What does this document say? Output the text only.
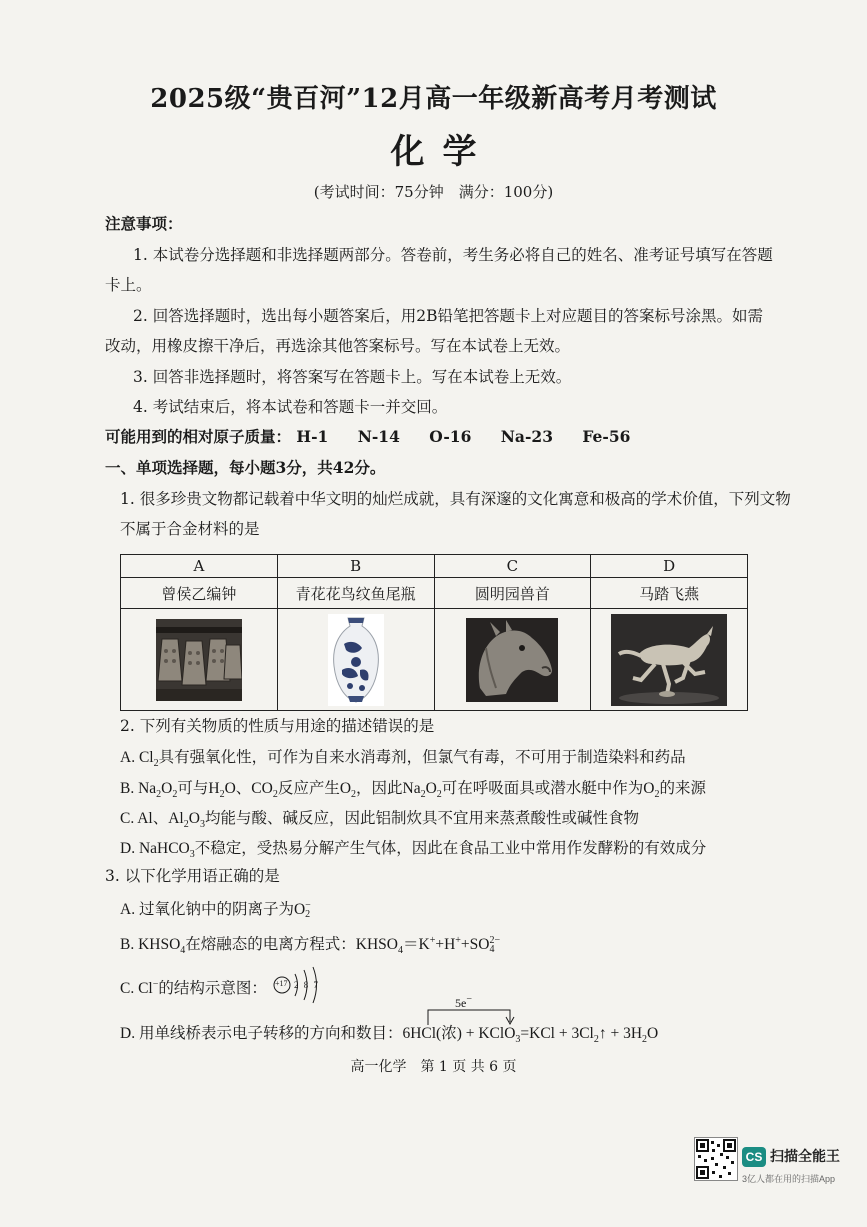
2025级“贵百河”12月高一年级新高考月考测试
化学
(考试时间：75分钟　满分：100分)
注意事项：
1. 本试卷分选择题和非选择题两部分。答卷前，考生务必将自己的姓名、准考证号填写在答题
卡上。
2. 回答选择题时，选出每小题答案后，用2B铅笔把答题卡上对应题目的答案标号涂黑。如需
改动，用橡皮擦干净后，再选涂其他答案标号。写在本试卷上无效。
3. 回答非选择题时，将答案写在答题卡上。写在本试卷上无效。
4. 考试结束后，将本试卷和答题卡一并交回。
可能用到的相对原子质量： H-1 N-14 O-16 Na-23 Fe-56
一、单项选择题，每小题3分，共42分。
1. 很多珍贵文物都记载着中华文明的灿烂成就，具有深邃的文化寓意和极高的学术价值，下列文物
不属于合金材料的是
A	B	C	D
曾侯乙编钟	青花花鸟纹鱼尾瓶	圆明园兽首	马踏飞燕

2. 下列有关物质的性质与用途的描述错误的是
A. $Cl_2$具有强氧化性，可作为自来水消毒剂，但氯气有毒，不可用于制造染料和药品
B. $Na_2O_2$可与$H_2O$、$CO_2$反应产生$O_2$，因此$Na_2O_2$可在呼吸面具或潜水艇中作为$O_2$的来源
C. Al、$Al_2O_3$均能与酸、碱反应，因此铝制炊具不宜用来蒸煮酸性或碱性食物
D. NaHCO$_3$不稳定，受热易分解产生气体，因此在食品工业中常用作发酵粉的有效成分
3. 以下化学用语正确的是
A. 过氧化钠中的阴离子为O −
2
B. $KHSO_4$在熔融态的电离方程式：$KHSO_4=K^++H^++SO$ 2−
4
C. Cl−的结构示意图： +17 2 8 7
D. 用单线桥表示电子转移的方向和数目：6HCl(浓) + KClO$_3$=KCl + $3Cl_2↑ + 3H_2O$
5e−
高一化学　第 1 页 共 6 页
CS 扫描全能王
3亿人都在用的扫描App
